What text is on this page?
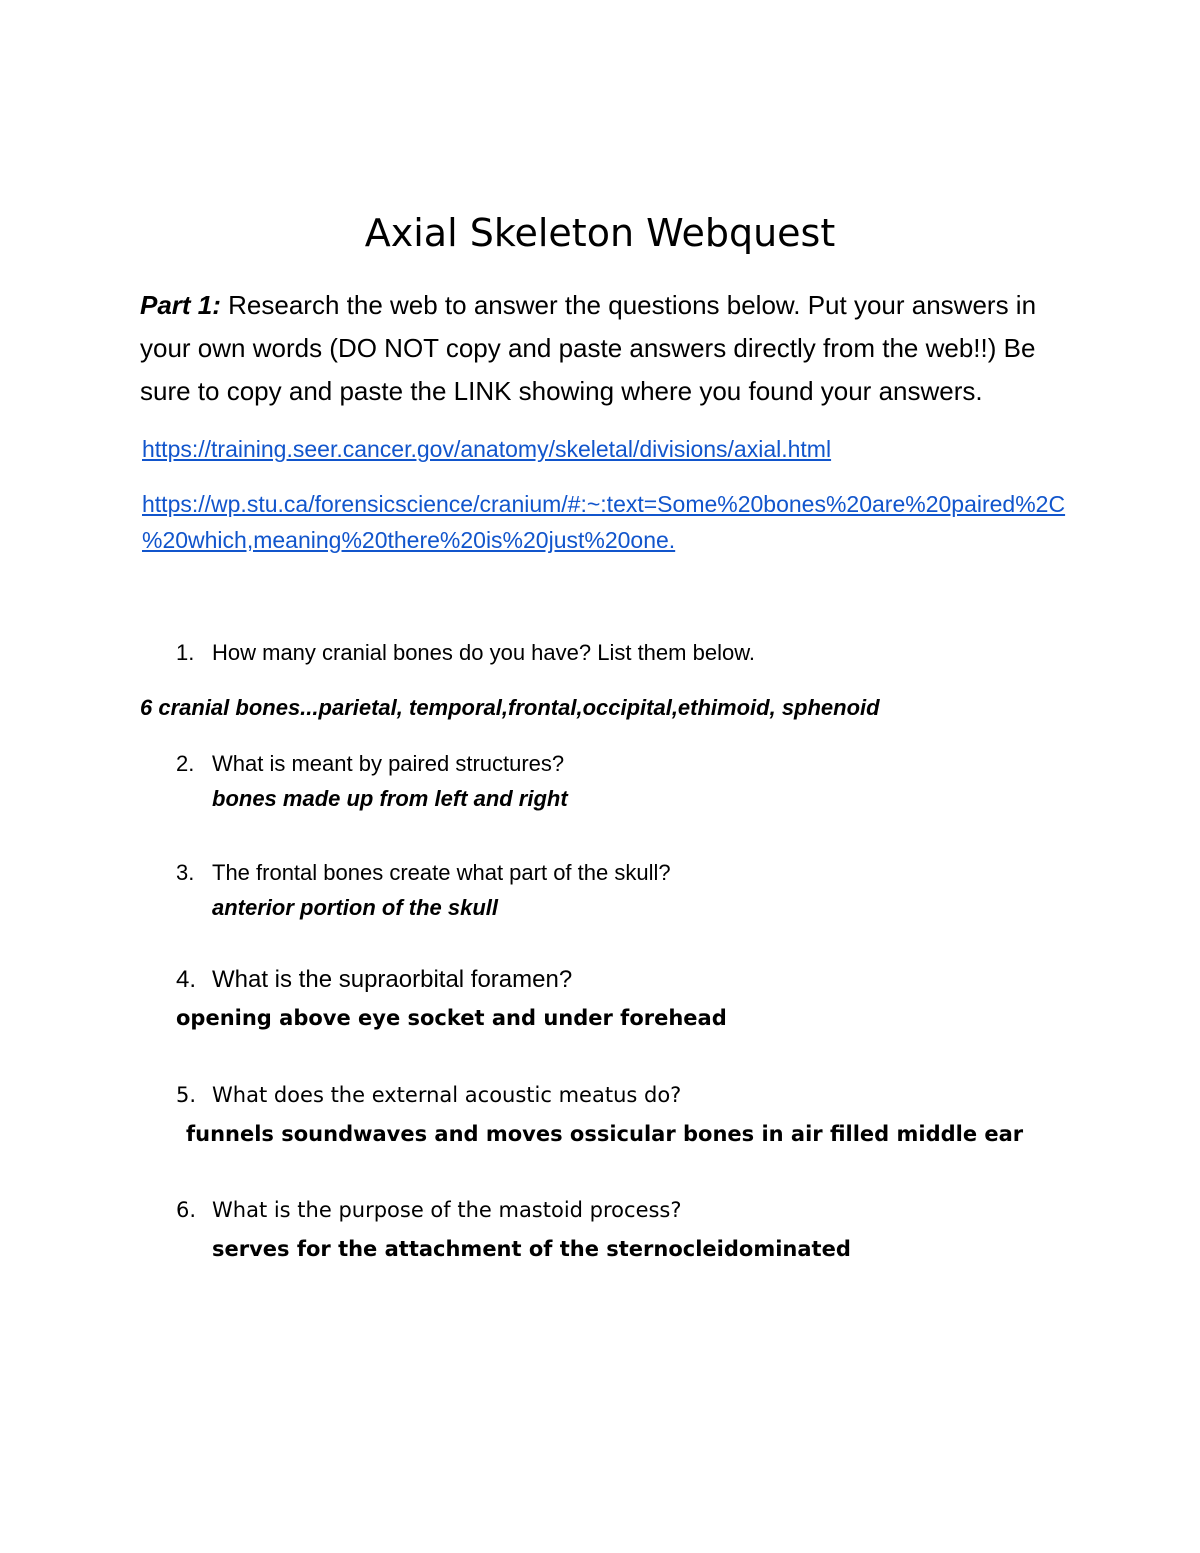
Axial Skeleton Webquest

Part 1: Research the web to answer the questions below. Put your answers in

your own words (DO NOT copy and paste answers directly from the web!!) Be

sure to copy and paste the LINK showing where you found your answers.

https://training.seer.cancer.gov/anatomy/skeletal/divisions/axial.html
https://wp.stu.ca/forensicscience/cranium/#:~:text=Some%20bones%20are%20paired%2C
%20which,meaning%20there%20is%20just%20one.
1. How many cranial bones do you have? List them below.
6 cranial bones...parietal, temporal,frontal,occipital,ethimoid, sphenoid
2. What is meant by paired structures?
bones made up from left and right
3. The frontal bones create what part of the skull?
anterior portion of the skull
4. What is the supraorbital foramen?
opening above eye socket and under forehead
5. What does the external acoustic meatus do?
funnels soundwaves and moves ossicular bones in air filled middle ear
6. What is the purpose of the mastoid process?
serves for the attachment of the sternocleidominated
